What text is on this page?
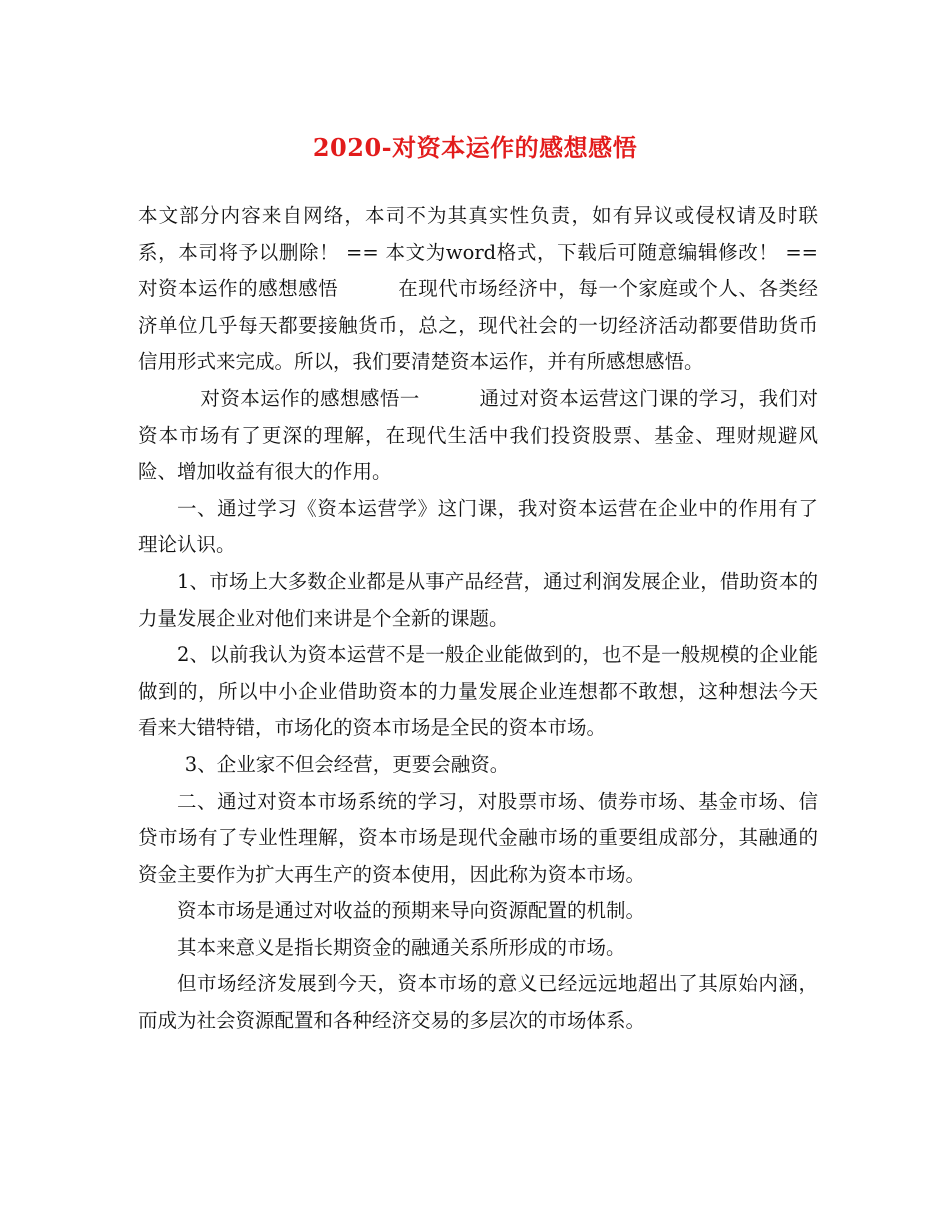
2020-对资本运作的感想感悟

本文部分内容来自网络，本司不为其真实性负责，如有异议或侵权请及时联系，本司将予以删除！ == 本文为word格式，下载后可随意编辑修改！ ==　　对资本运作的感想感悟　　　在现代市场经济中，每一个家庭或个人、各类经济单位几乎每天都要接触货币，总之，现代社会的一切经济活动都要借助货币信用形式来完成。所以，我们要清楚资本运作，并有所感想感悟。

对资本运作的感想感悟一　　　通过对资本运营这门课的学习，我们对资本市场有了更深的理解，在现代生活中我们投资股票、基金、理财规避风险、增加收益有很大的作用。

一、通过学习《资本运营学》这门课，我对资本运营在企业中的作用有了理论认识。

1、市场上大多数企业都是从事产品经营，通过利润发展企业，借助资本的力量发展企业对他们来讲是个全新的课题。

2、以前我认为资本运营不是一般企业能做到的，也不是一般规模的企业能做到的，所以中小企业借助资本的力量发展企业连想都不敢想，这种想法今天看来大错特错，市场化的资本市场是全民的资本市场。

3、企业家不但会经营，更要会融资。

二、通过对资本市场系统的学习，对股票市场、债券市场、基金市场、信贷市场有了专业性理解，资本市场是现代金融市场的重要组成部分，其融通的资金主要作为扩大再生产的资本使用，因此称为资本市场。

资本市场是通过对收益的预期来导向资源配置的机制。

其本来意义是指长期资金的融通关系所形成的市场。

但市场经济发展到今天，资本市场的意义已经远远地超出了其原始内涵，而成为社会资源配置和各种经济交易的多层次的市场体系。
